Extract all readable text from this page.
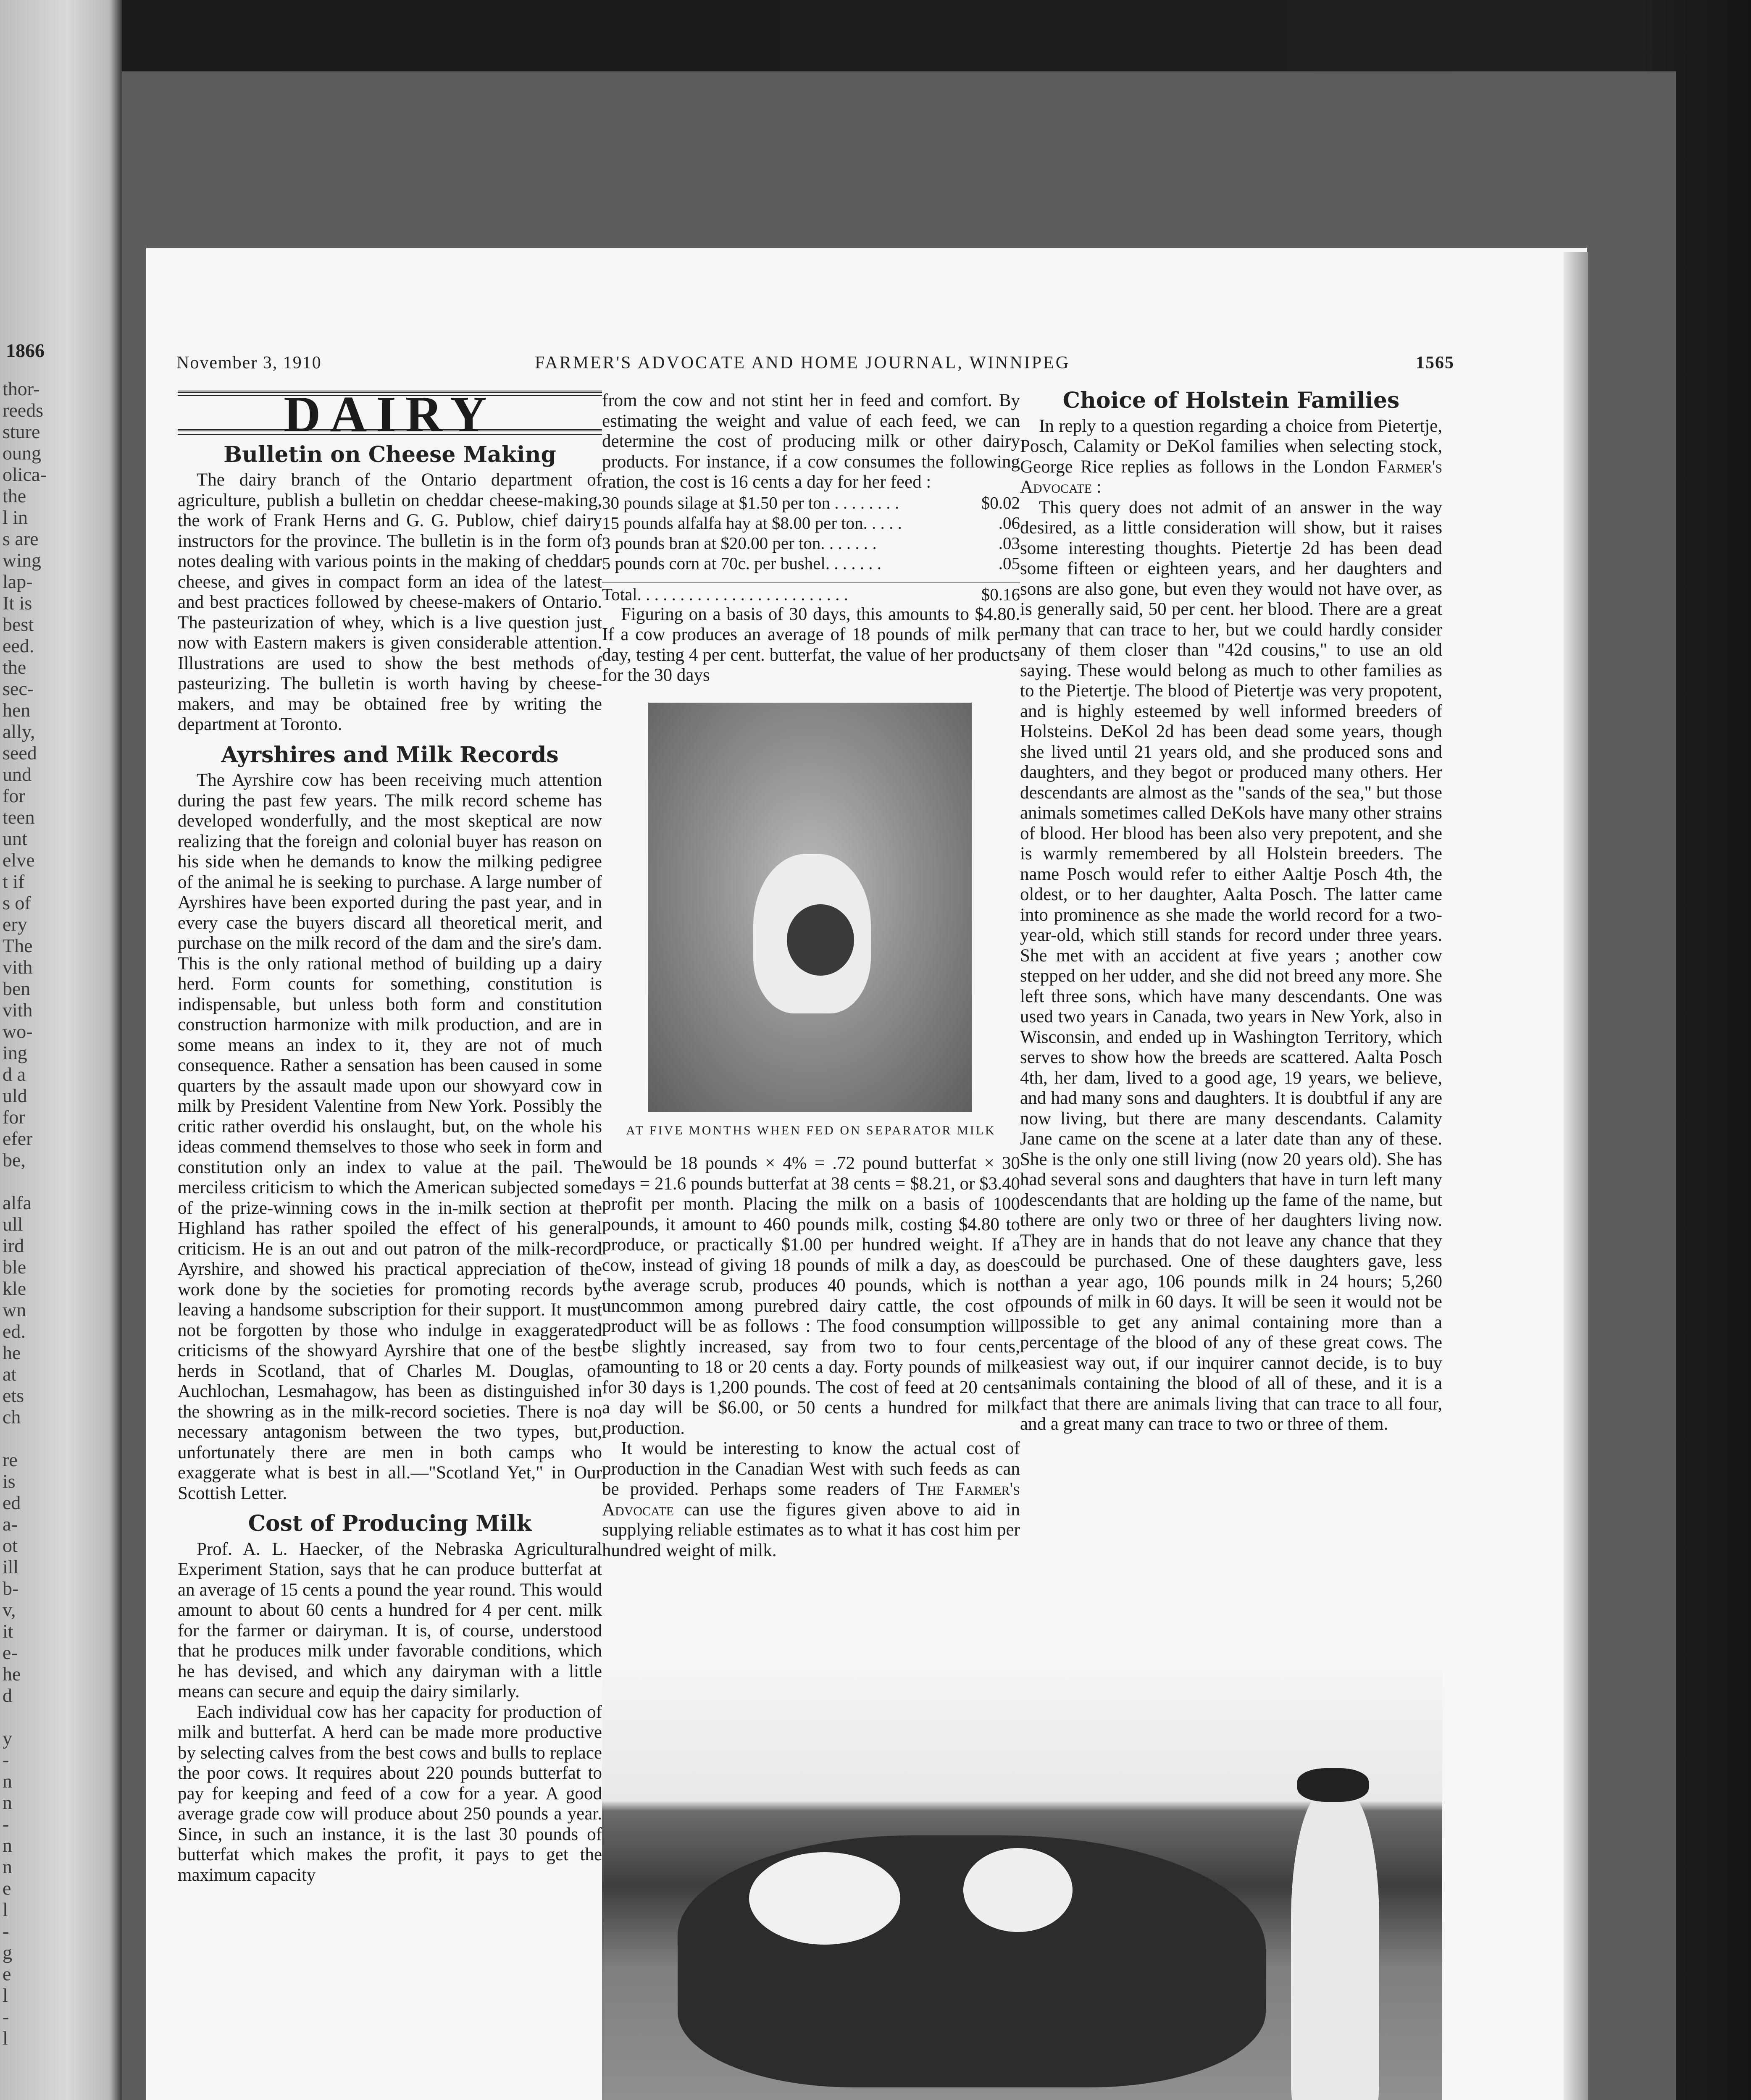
1866
thor-
reeds
sture
oung
olica-
the
l in
s are
wing
lap-
It is
best
eed.
the
sec-
hen
ally,
seed
und
for
teen
unt
elve
t if
s of
ery
The
vith
ben
vith
wo-
ing
d a
uld
for
efer
be,
alfa
ull
ird
ble
kle
wn
ed.
he
at
ets
ch
re
is
ed
a-
ot
ill
b-
v,
it
e-
he
d
y
-
n
n
-
n
n
e
l
-
g
e
l
-
l
November 3, 1910	FARMER'S ADVOCATE AND HOME JOURNAL, WINNIPEG	1565
DAIRY
Bulletin on Cheese Making

The dairy branch of the Ontario department of agriculture, publish a bulletin on cheddar cheese-making, the work of Frank Herns and G. G. Publow, chief dairy instructors for the province. The bulletin is in the form of notes dealing with various points in the making of cheddar cheese, and gives in compact form an idea of the latest and best practices followed by cheese-makers of Ontario. The pasteurization of whey, which is a live question just now with Eastern makers is given considerable attention. Illustrations are used to show the best methods of pasteurizing. The bulletin is worth having by cheese-makers, and may be obtained free by writing the department at Toronto.

Ayrshires and Milk Records

The Ayrshire cow has been receiving much attention during the past few years. The milk record scheme has developed wonderfully, and the most skeptical are now realizing that the foreign and colonial buyer has reason on his side when he demands to know the milking pedigree of the animal he is seeking to purchase. A large number of Ayrshires have been exported during the past year, and in every case the buyers discard all theoretical merit, and purchase on the milk record of the dam and the sire's dam. This is the only rational method of building up a dairy herd. Form counts for something, constitution is indispensable, but unless both form and constitution construction harmonize with milk production, and are in some means an index to it, they are not of much consequence. Rather a sensation has been caused in some quarters by the assault made upon our showyard cow in milk by President Valentine from New York. Possibly the critic rather overdid his onslaught, but, on the whole his ideas commend themselves to those who seek in form and constitution only an index to value at the pail. The merciless criticism to which the American subjected some of the prize-winning cows in the in-milk section at the Highland has rather spoiled the effect of his general criticism. He is an out and out patron of the milk-record Ayrshire, and showed his practical appreciation of the work done by the societies for promoting records by leaving a handsome subscription for their support. It must not be forgotten by those who indulge in exaggerated criticisms of the showyard Ayrshire that one of the best herds in Scotland, that of Charles M. Douglas, of Auchlochan, Lesmahagow, has been as distinguished in the showring as in the milk-record societies. There is no necessary antagonism between the two types, but, unfortunately there are men in both camps who exaggerate what is best in all.—"Scotland Yet," in Our Scottish Letter.

Cost of Producing Milk

Prof. A. L. Haecker, of the Nebraska Agricultural Experiment Station, says that he can produce butterfat at an average of 15 cents a pound the year round. This would amount to about 60 cents a hundred for 4 per cent. milk for the farmer or dairyman. It is, of course, understood that he produces milk under favorable conditions, which he has devised, and which any dairyman with a little means can secure and equip the dairy similarly.

Each individual cow has her capacity for production of milk and butterfat. A herd can be made more productive by selecting calves from the best cows and bulls to replace the poor cows. It requires about 220 pounds butterfat to pay for keeping and feed of a cow for a year. A good average grade cow will produce about 250 pounds a year. Since, in such an instance, it is the last 30 pounds of butterfat which makes the profit, it pays to get the maximum capacity

from the cow and not stint her in feed and comfort. By estimating the weight and value of each feed, we can determine the cost of producing milk or other dairy products. For instance, if a cow consumes the following ration, the cost is 16 cents a day for her feed :

30 pounds silage at $1.50 per ton . . . . . . . .	$0.02
15 pounds alfalfa hay at $8.00 per ton. . . . .	.06
3 pounds bran at $20.00 per ton. . . . . . .	.03
5 pounds corn at 70c. per bushel. . . . . . .	.05
Total. . . . . . . . . . . . . . . . . . . . . . . . .	$0.16

Figuring on a basis of 30 days, this amounts to $4.80. If a cow produces an average of 18 pounds of milk per day, testing 4 per cent. butterfat, the value of her products for the 30 days

AT FIVE MONTHS WHEN FED ON SEPARATOR MILK

would be 18 pounds × 4% = .72 pound butterfat × 30 days = 21.6 pounds butterfat at 38 cents = $8.21, or $3.40 profit per month. Placing the milk on a basis of 100 pounds, it amount to 460 pounds milk, costing $4.80 to produce, or practically $1.00 per hundred weight. If a cow, instead of giving 18 pounds of milk a day, as does the average scrub, produces 40 pounds, which is not uncommon among purebred dairy cattle, the cost of product will be as follows : The food consumption will be slightly increased, say from two to four cents, amounting to 18 or 20 cents a day. Forty pounds of milk for 30 days is 1,200 pounds. The cost of feed at 20 cents a day will be $6.00, or 50 cents a hundred for milk production.

It would be interesting to know the actual cost of production in the Canadian West with such feeds as can be provided. Perhaps some readers of The Farmer's Advocate can use the figures given above to aid in supplying reliable estimates as to what it has cost him per hundred weight of milk.

Choice of Holstein Families

In reply to a question regarding a choice from Pietertje, Posch, Calamity or DeKol families when selecting stock, George Rice replies as follows in the London Farmer's Advocate :

This query does not admit of an answer in the way desired, as a little consideration will show, but it raises some interesting thoughts. Pietertje 2d has been dead some fifteen or eighteen years, and her daughters and sons are also gone, but even they would not have over, as is generally said, 50 per cent. her blood. There are a great many that can trace to her, but we could hardly consider any of them closer than "42d cousins," to use an old saying. These would belong as much to other families as to the Pietertje. The blood of Pietertje was very propotent, and is highly esteemed by well informed breeders of Holsteins. DeKol 2d has been dead some years, though she lived until 21 years old, and she produced sons and daughters, and they begot or produced many others. Her descendants are almost as the "sands of the sea," but those animals sometimes called DeKols have many other strains of blood. Her blood has been also very prepotent, and she is warmly remembered by all Holstein breeders. The name Posch would refer to either Aaltje Posch 4th, the oldest, or to her daughter, Aalta Posch. The latter came into prominence as she made the world record for a two-year-old, which still stands for record under three years. She met with an accident at five years ; another cow stepped on her udder, and she did not breed any more. She left three sons, which have many descendants. One was used two years in Canada, two years in New York, also in Wisconsin, and ended up in Washington Territory, which serves to show how the breeds are scattered. Aalta Posch 4th, her dam, lived to a good age, 19 years, we believe, and had many sons and daughters. It is doubtful if any are now living, but there are many descendants. Calamity Jane came on the scene at a later date than any of these. She is the only one still living (now 20 years old). She has had several sons and daughters that have in turn left many descendants that are holding up the fame of the name, but there are only two or three of her daughters living now. They are in hands that do not leave any chance that they could be purchased. One of these daughters gave, less than a year ago, 106 pounds milk in 24 hours; 5,260 pounds of milk in 60 days. It will be seen it would not be possible to get any animal containing more than a percentage of the blood of any of these great cows. The easiest way out, if our inquirer cannot decide, is to buy animals containing the blood of all of these, and it is a fact that there are animals living that can trace to all four, and a great many can trace to two or three of them.
